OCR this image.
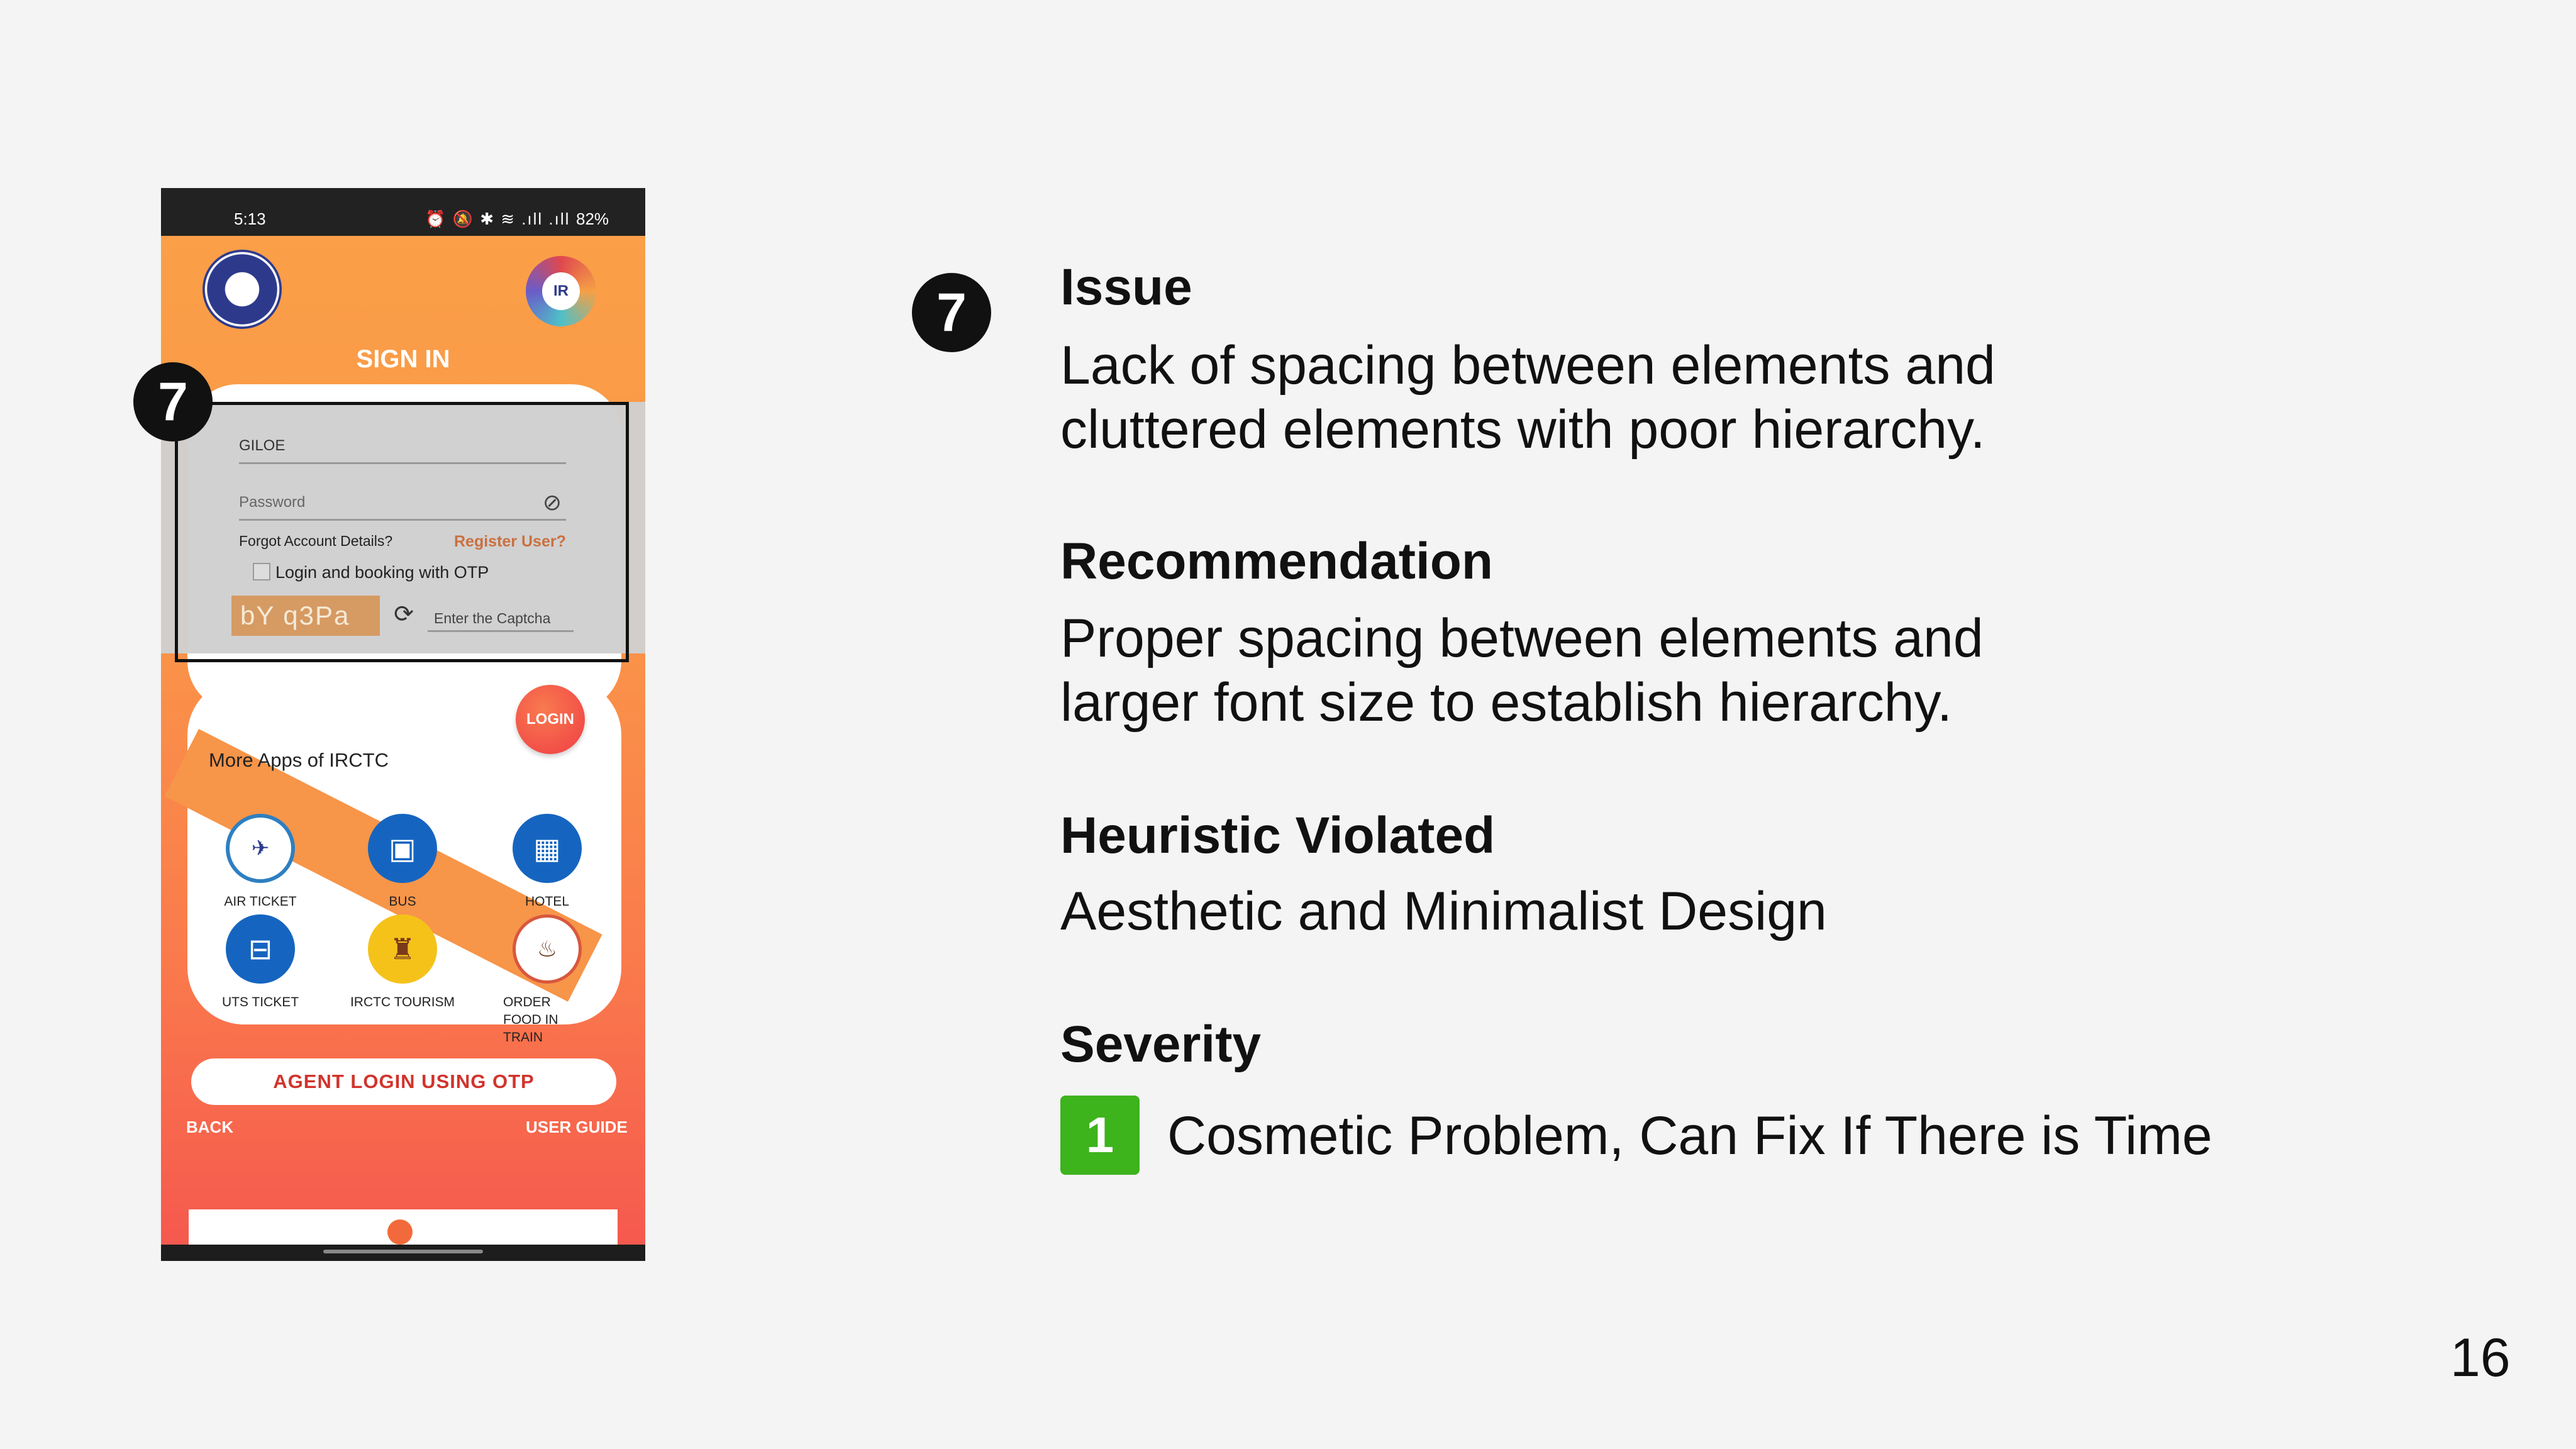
5:13	⏰ 🔕 ✱ ≋ .ıll .ıll 82%
IR
SIGN IN
GILOE
Password	⊘
Forgot Account Details?	Register User?
Login and booking with OTP
bY q3Pa	⟳	Enter the Captcha
LOGIN
More Apps of IRCTC
✈
AIR TICKET
▣
BUS
▦
HOTEL
⊟
UTS TICKET
♜
IRCTC TOURISM
♨
ORDER FOOD IN TRAIN
AGENT LOGIN USING OTP
BACK	USER GUIDE
7
7	Issue
Lack of spacing between elements and
cluttered elements with poor hierarchy.
Recommendation
Proper spacing between elements and
larger font size to establish hierarchy.
Heuristic Violated
Aesthetic and Minimalist Design
Severity
1 Cosmetic Problem, Can Fix If There is Time
16
